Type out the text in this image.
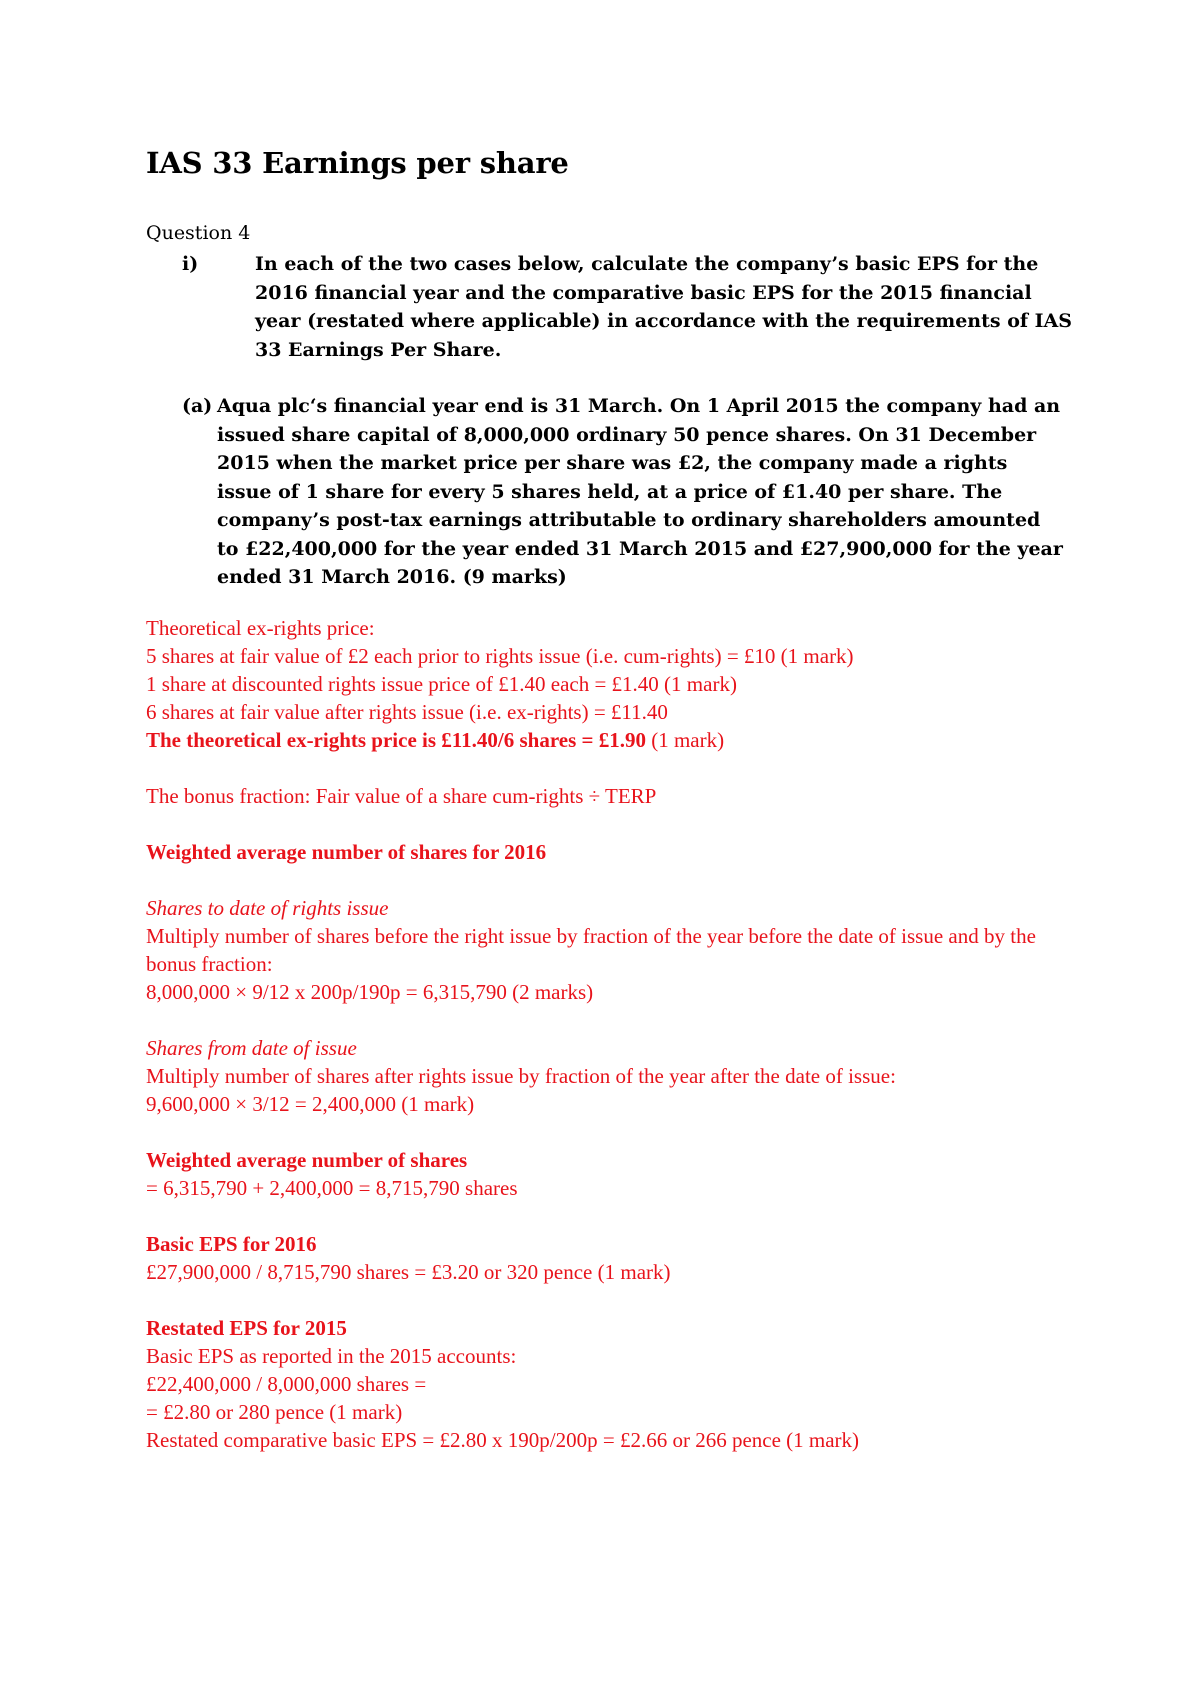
IAS 33 Earnings per share
Question 4
i)	In each of the two cases below, calculate the company’s basic EPS for the 2016 financial year and the comparative basic EPS for the 2015 financial year (restated where applicable) in accordance with the requirements of IAS 33 Earnings Per Share.
(a) Aqua plc‘s financial year end is 31 March. On 1 April 2015 the company had an issued share capital of 8,000,000 ordinary 50 pence shares. On 31 December 2015 when the market price per share was £2, the company made a rights issue of 1 share for every 5 shares held, at a price of £1.40 per share. The company’s post-tax earnings attributable to ordinary shareholders amounted to £22,400,000 for the year ended 31 March 2015 and £27,900,000 for the year ended 31 March 2016. (9 marks)
Theoretical ex-rights price:
5 shares at fair value of £2 each prior to rights issue (i.e. cum-rights) = £10 (1 mark)
1 share at discounted rights issue price of £1.40 each = £1.40 (1 mark)
6 shares at fair value after rights issue (i.e. ex-rights) = £11.40
The theoretical ex-rights price is £11.40/6 shares = £1.90 (1 mark)
The bonus fraction: Fair value of a share cum-rights ÷ TERP
Weighted average number of shares for 2016
Shares to date of rights issue
Multiply number of shares before the right issue by fraction of the year before the date of issue and by the bonus fraction:
8,000,000 × 9/12 x 200p/190p = 6,315,790 (2 marks)
Shares from date of issue
Multiply number of shares after rights issue by fraction of the year after the date of issue:
9,600,000 × 3/12 = 2,400,000 (1 mark)
Weighted average number of shares
= 6,315,790 + 2,400,000 = 8,715,790 shares
Basic EPS for 2016
£27,900,000 / 8,715,790 shares = £3.20 or 320 pence (1 mark)
Restated EPS for 2015
Basic EPS as reported in the 2015 accounts:
£22,400,000 / 8,000,000 shares =
= £2.80 or 280 pence (1 mark)
Restated comparative basic EPS = £2.80 x 190p/200p = £2.66 or 266 pence (1 mark)
